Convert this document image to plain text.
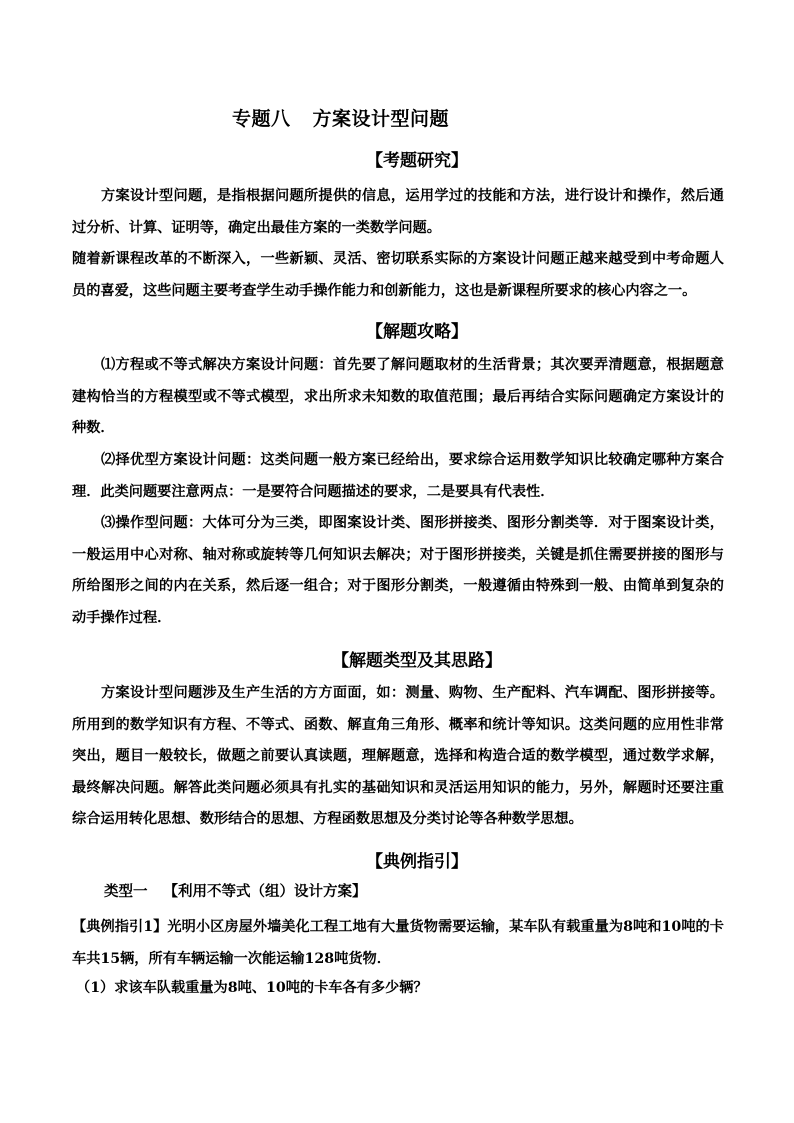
专题八 方案设计型问题
【考题研究】
方案设计型问题，是指根据问题所提供的信息，运用学过的技能和方法，进行设计和操作，然后通过分析、计算、证明等，确定出最佳方案的一类数学问题。
随着新课程改革的不断深入，一些新颖、灵活、密切联系实际的方案设计问题正越来越受到中考命题人员的喜爱，这些问题主要考查学生动手操作能力和创新能力，这也是新课程所要求的核心内容之一。
【解题攻略】
⑴方程或不等式解决方案设计问题：首先要了解问题取材的生活背景；其次要弄清题意，根据题意建构恰当的方程模型或不等式模型，求出所求未知数的取值范围；最后再结合实际问题确定方案设计的种数．
⑵择优型方案设计问题：这类问题一般方案已经给出，要求综合运用数学知识比较确定哪种方案合理．此类问题要注意两点：一是要符合问题描述的要求，二是要具有代表性．
⑶操作型问题：大体可分为三类，即图案设计类、图形拼接类、图形分割类等．对于图案设计类，一般运用中心对称、轴对称或旋转等几何知识去解决；对于图形拼接类，关键是抓住需要拼接的图形与所给图形之间的内在关系，然后逐一组合；对于图形分割类，一般遵循由特殊到一般、由简单到复杂的动手操作过程．
【解题类型及其思路】
方案设计型问题涉及生产生活的方方面面，如：测量、购物、生产配料、汽车调配、图形拼接等。所用到的数学知识有方程、不等式、函数、解直角三角形、概率和统计等知识。这类问题的应用性非常突出，题目一般较长，做题之前要认真读题，理解题意，选择和构造合适的数学模型，通过数学求解，最终解决问题。解答此类问题必须具有扎实的基础知识和灵活运用知识的能力，另外，解题时还要注重综合运用转化思想、数形结合的思想、方程函数思想及分类讨论等各种数学思想。
【典例指引】
类型一 【利用不等式（组）设计方案】
【典例指引1】光明小区房屋外墙美化工程工地有大量货物需要运输，某车队有载重量为8吨和10吨的卡车共15辆，所有车辆运输一次能运输128吨货物．
（1）求该车队载重量为8吨、10吨的卡车各有多少辆？
